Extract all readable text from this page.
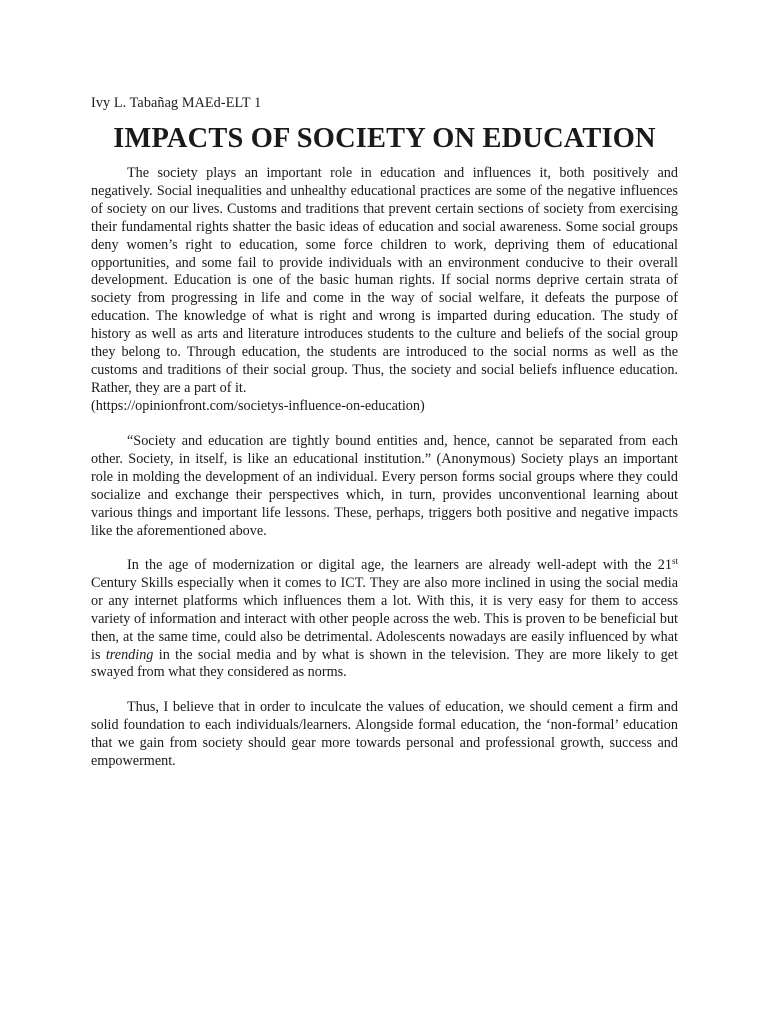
Ivy L. Tabañag MAEd-ELT 1

IMPACTS OF SOCIETY ON EDUCATION

The society plays an important role in education and influences it, both positively and negatively. Social inequalities and unhealthy educational practices are some of the negative influences of society on our lives. Customs and traditions that prevent certain sections of society from exercising their fundamental rights shatter the basic ideas of education and social awareness. Some social groups deny women’s right to education, some force children to work, depriving them of educational opportunities, and some fail to provide individuals with an environment conducive to their overall development. Education is one of the basic human rights. If social norms deprive certain strata of society from progressing in life and come in the way of social welfare, it defeats the purpose of education. The knowledge of what is right and wrong is imparted during education. The study of history as well as arts and literature introduces students to the culture and beliefs of the social group they belong to. Through education, the students are introduced to the social norms as well as the customs and traditions of their social group. Thus, the society and social beliefs influence education. Rather, they are a part of it.
(https://opinionfront.com/societys-influence-on-education)

“Society and education are tightly bound entities and, hence, cannot be separated from each other. Society, in itself, is like an educational institution.” (Anonymous) Society plays an important role in molding the development of an individual. Every person forms social groups where they could socialize and exchange their perspectives which, in turn, provides unconventional learning about various things and important life lessons. These, perhaps, triggers both positive and negative impacts like the aforementioned above.

In the age of modernization or digital age, the learners are already well-adept with the 21st Century Skills especially when it comes to ICT. They are also more inclined in using the social media or any internet platforms which influences them a lot. With this, it is very easy for them to access variety of information and interact with other people across the web. This is proven to be beneficial but then, at the same time, could also be detrimental. Adolescents nowadays are easily influenced by what is trending in the social media and by what is shown in the television. They are more likely to get swayed from what they considered as norms.

Thus, I believe that in order to inculcate the values of education, we should cement a firm and solid foundation to each individuals/learners. Alongside formal education, the ‘non-formal’ education that we gain from society should gear more towards personal and professional growth, success and empowerment.
